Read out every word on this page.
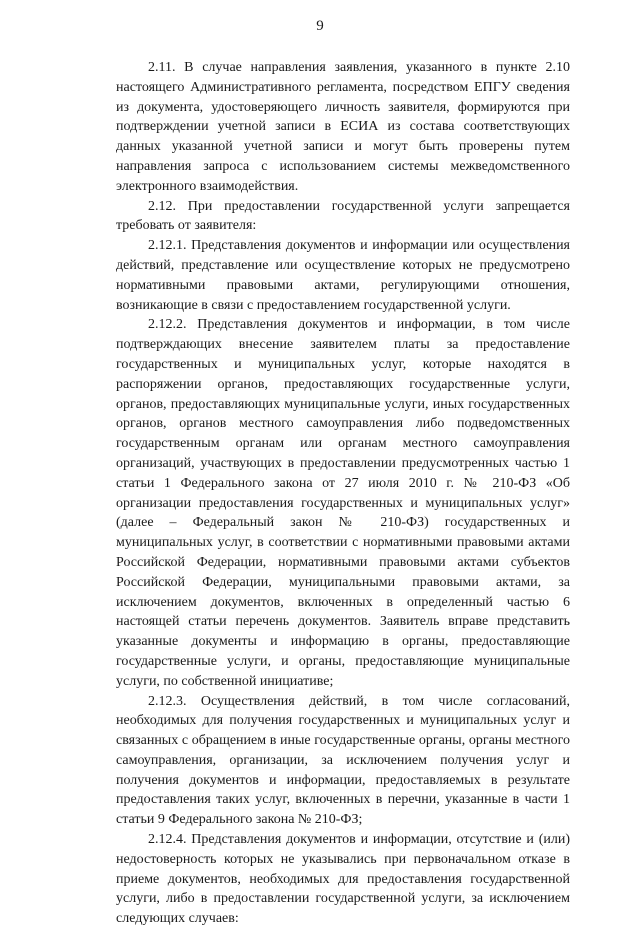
9

2.11. В случае направления заявления, указанного в пункте 2.10 настоящего Административного регламента, посредством ЕПГУ сведения из документа, удостоверяющего личность заявителя, формируются при подтверждении учетной записи в ЕСИА из состава соответствующих данных указанной учетной записи и могут быть проверены путем направления запроса с использованием системы межведомственного электронного взаимодействия.

2.12. При предоставлении государственной услуги запрещается требовать от заявителя:

2.12.1. Представления документов и информации или осуществления действий, представление или осуществление которых не предусмотрено нормативными правовыми актами, регулирующими отношения, возникающие в связи с предоставлением государственной услуги.

2.12.2. Представления документов и информации, в том числе подтверждающих внесение заявителем платы за предоставление государственных и муниципальных услуг, которые находятся в распоряжении органов, предоставляющих государственные услуги, органов, предоставляющих муниципальные услуги, иных государственных органов, органов местного самоуправления либо подведомственных государственным органам или органам местного самоуправления организаций, участвующих в предоставлении предусмотренных частью 1 статьи 1 Федерального закона от 27 июля 2010 г. № 210-ФЗ «Об организации предоставления государственных и муниципальных услуг» (далее – Федеральный закон № 210-ФЗ) государственных и муниципальных услуг, в соответствии с нормативными правовыми актами Российской Федерации, нормативными правовыми актами субъектов Российской Федерации, муниципальными правовыми актами, за исключением документов, включенных в определенный частью 6 настоящей статьи перечень документов. Заявитель вправе представить указанные документы и информацию в органы, предоставляющие государственные услуги, и органы, предоставляющие муниципальные услуги, по собственной инициативе;

2.12.3. Осуществления действий, в том числе согласований, необходимых для получения государственных и муниципальных услуг и связанных с обращением в иные государственные органы, органы местного самоуправления, организации, за исключением получения услуг и получения документов и информации, предоставляемых в результате предоставления таких услуг, включенных в перечни, указанные в части 1 статьи 9 Федерального закона № 210-ФЗ;

2.12.4. Представления документов и информации, отсутствие и (или) недостоверность которых не указывались при первоначальном отказе в приеме документов, необходимых для предоставления государственной услуги, либо в предоставлении государственной услуги, за исключением следующих случаев:
